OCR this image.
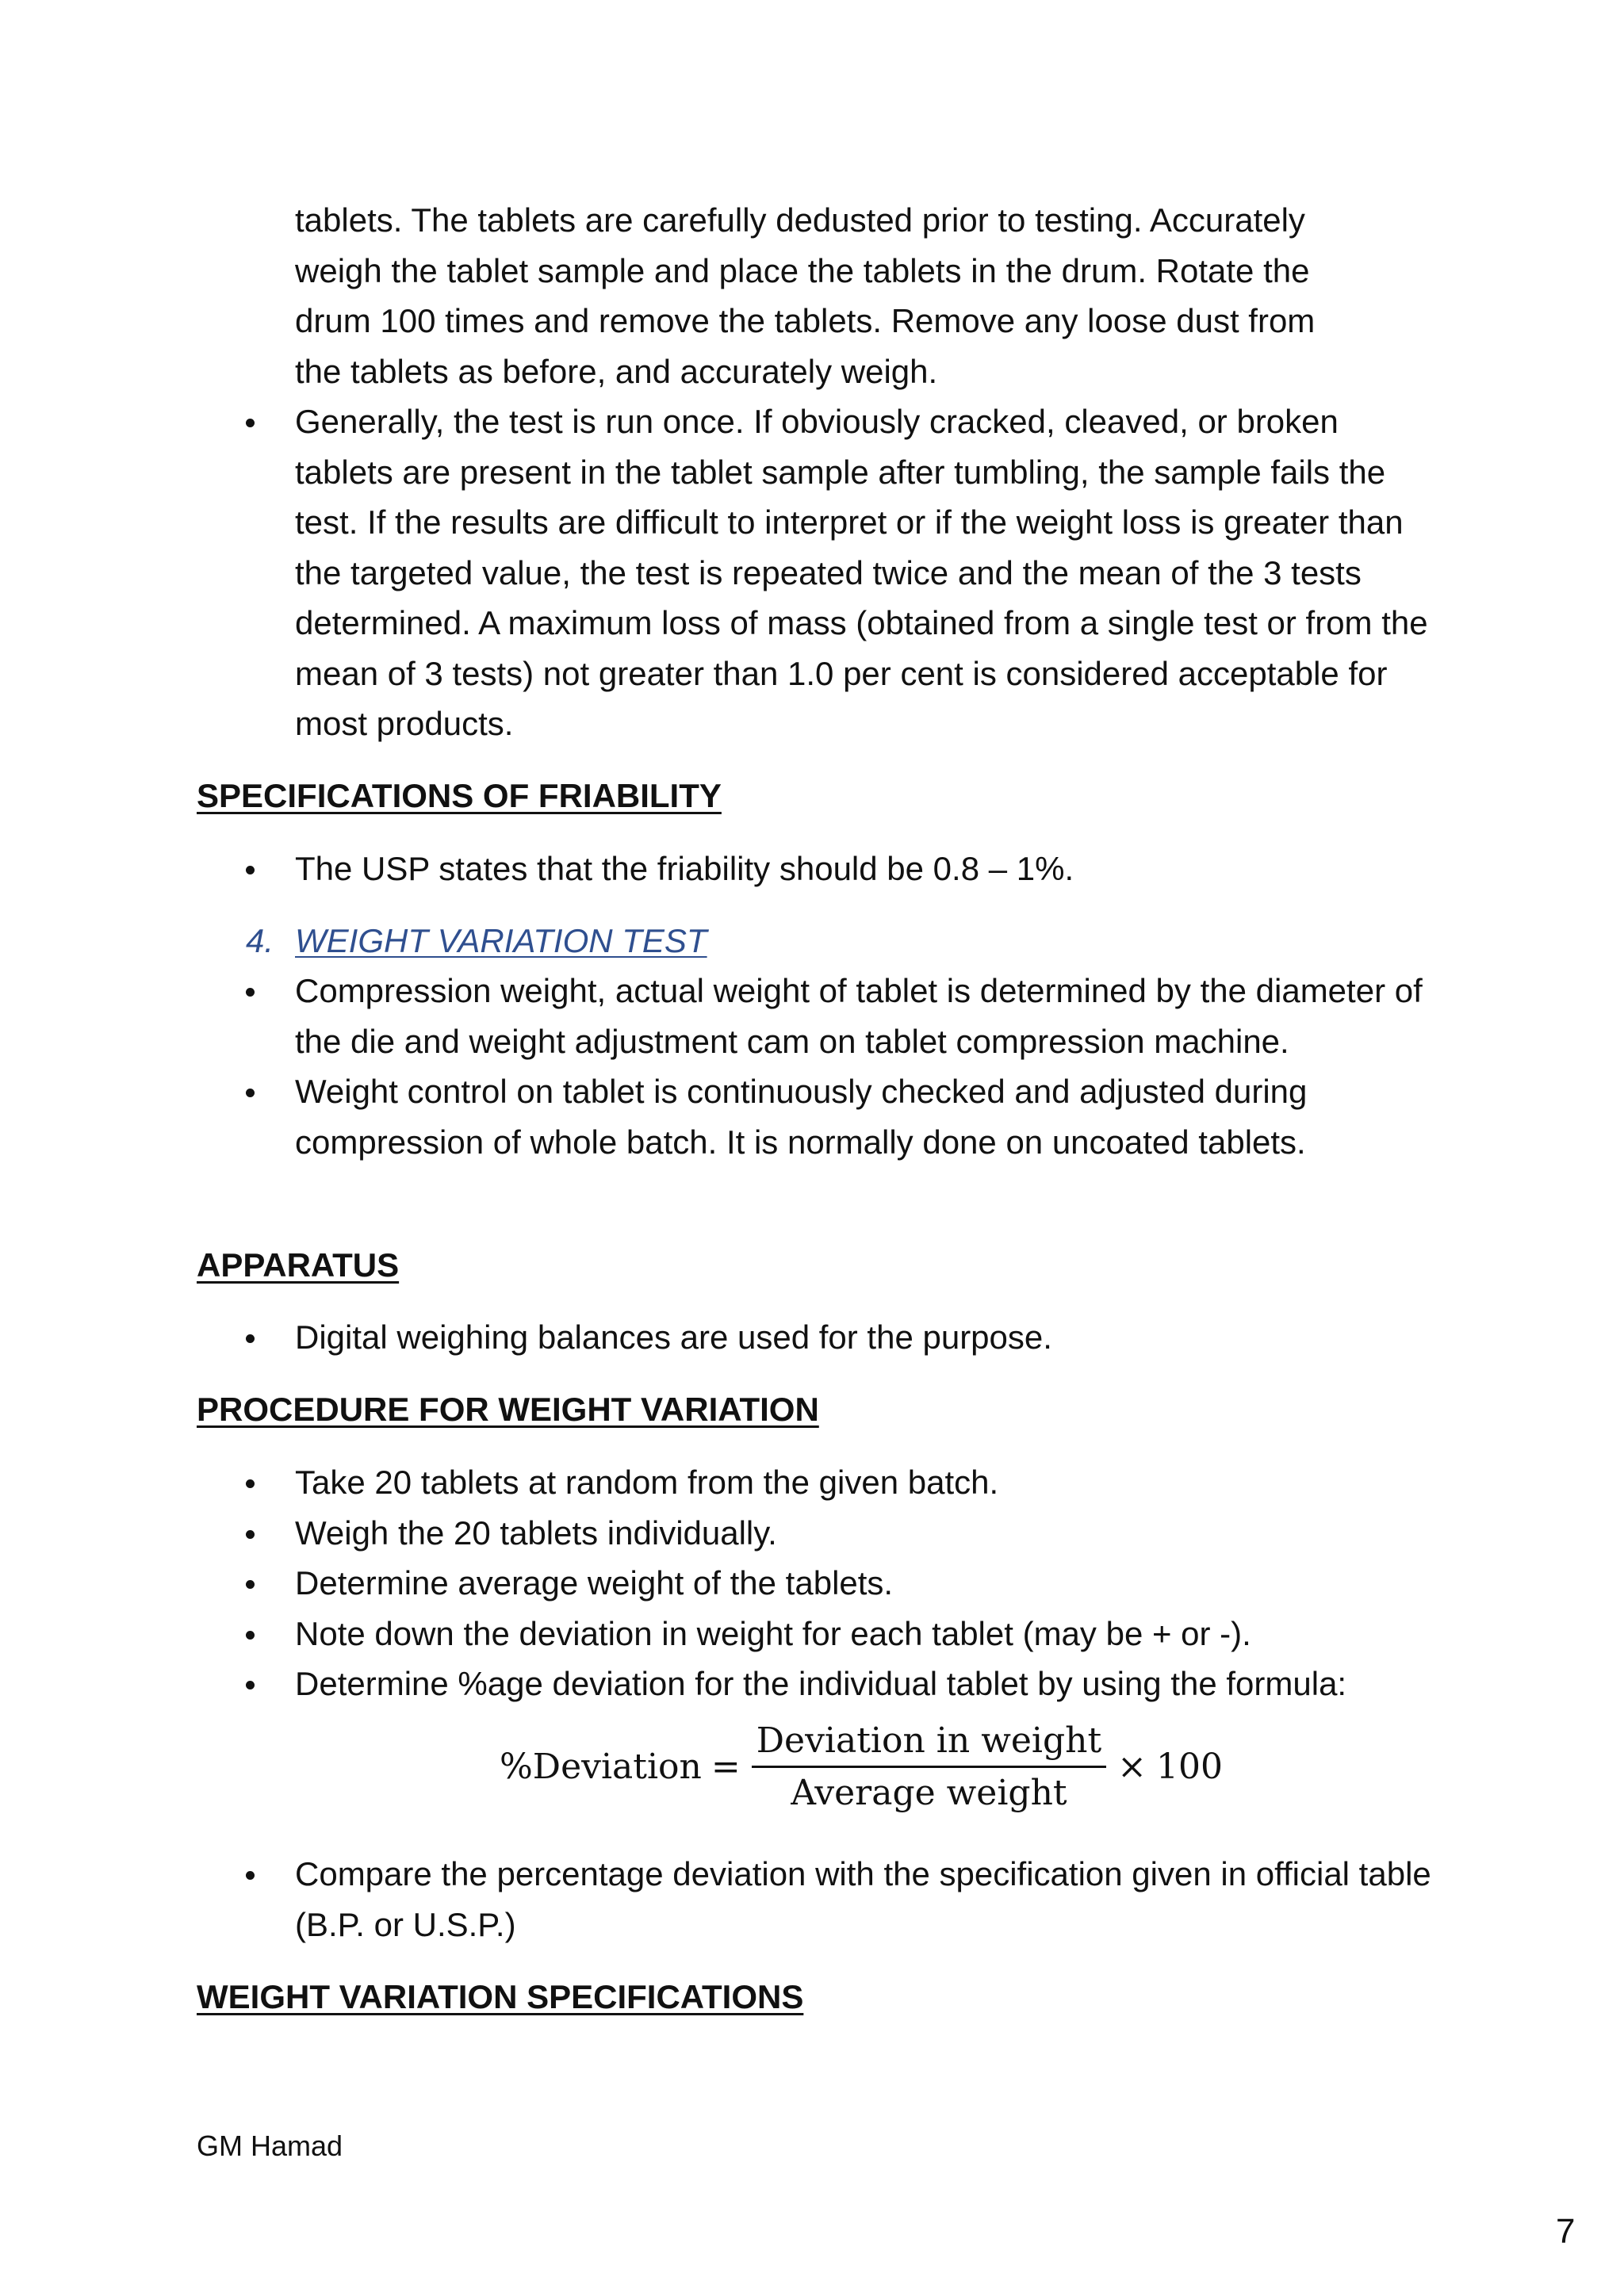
tablets. The tablets are carefully dedusted prior to testing. Accurately
weigh the tablet sample and place the tablets in the drum. Rotate the
drum 100 times and remove the tablets. Remove any loose dust from
the tablets as before, and accurately weigh.
Generally, the test is run once. If obviously cracked, cleaved, or broken tablets are present in the tablet sample after tumbling, the sample fails the test. If the results are difficult to interpret or if the weight loss is greater than the targeted value, the test is repeated twice and the mean of the 3 tests determined. A maximum loss of mass (obtained from a single test or from the mean of 3 tests) not greater than 1.0 per cent is considered acceptable for most products.
SPECIFICATIONS OF FRIABILITY
The USP states that the friability should be 0.8 – 1%.
4. WEIGHT VARIATION TEST
Compression weight, actual weight of tablet is determined by the diameter of the die and weight adjustment cam on tablet compression machine.
Weight control on tablet is continuously checked and adjusted during compression of whole batch. It is normally done on uncoated tablets.
APPARATUS
Digital weighing balances are used for the purpose.
PROCEDURE FOR WEIGHT VARIATION
Take 20 tablets at random from the given batch.
Weigh the 20 tablets individually.
Determine average weight of the tablets.
Note down the deviation in weight for each tablet (may be + or -).
Determine %age deviation for the individual tablet by using the formula:
%Deviation = $\frac{\text{Deviation in weight}}{\text{Average weight}} \times 100$
Compare the percentage deviation with the specification given in official table (B.P. or U.S.P.)
WEIGHT VARIATION SPECIFICATIONS
GM Hamad
7
